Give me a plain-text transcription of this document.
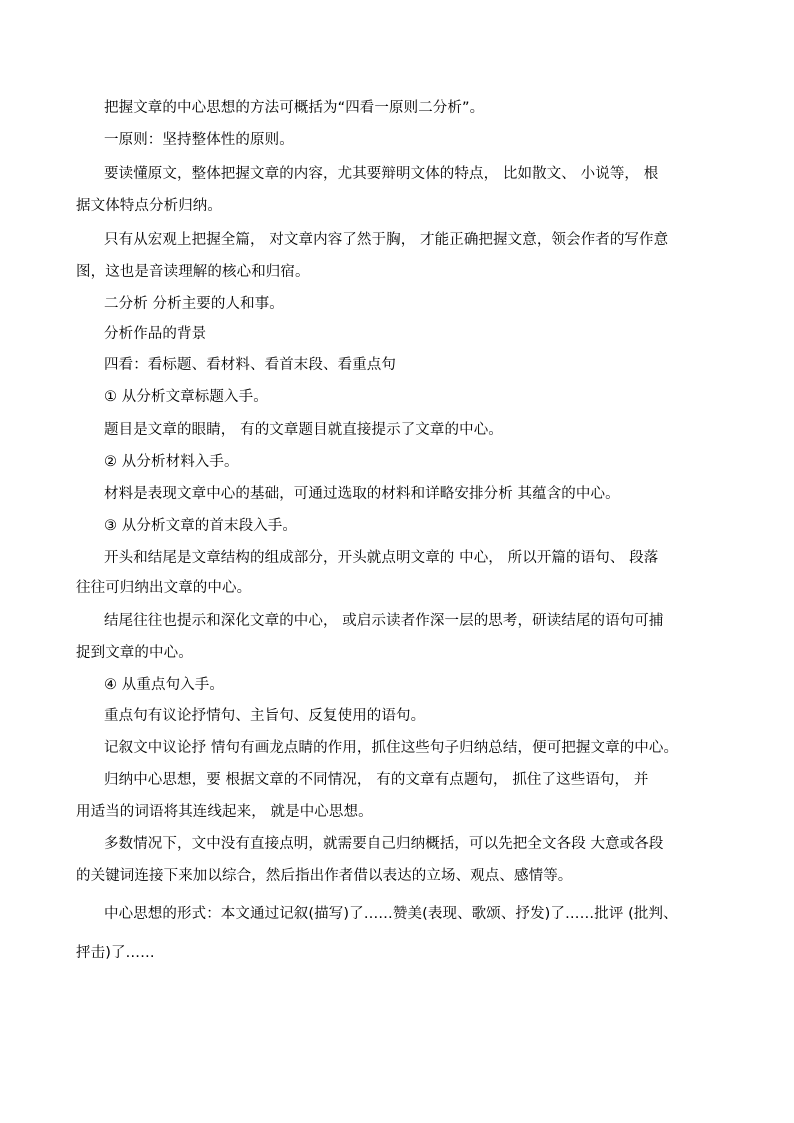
把握文章的中心思想的方法可概括为“四看一原则二分析”。
一原则：坚持整体性的原则。
要读懂原文，整体把握文章的内容，尤其要辩明文体的特点， 比如散文、 小说等， 根
据文体特点分析归纳。
只有从宏观上把握全篇， 对文章内容了然于胸， 才能正确把握文意，领会作者的写作意
图，这也是音读理解的核心和归宿。
二分析 分析主要的人和事。
分析作品的背景
四看：看标题、看材料、看首末段、看重点句
① 从分析文章标题入手。
题目是文章的眼睛， 有的文章题目就直接提示了文章的中心。
② 从分析材料入手。
材料是表现文章中心的基础，可通过选取的材料和详略安排分析 其蕴含的中心。
③ 从分析文章的首末段入手。
开头和结尾是文章结构的组成部分，开头就点明文章的 中心， 所以开篇的语句、 段落
往往可归纳出文章的中心。
结尾往往也提示和深化文章的中心， 或启示读者作深一层的思考，研读结尾的语句可捕
捉到文章的中心。
④ 从重点句入手。
重点句有议论抒情句、主旨句、反复使用的语句。
记叙文中议论抒 情句有画龙点睛的作用，抓住这些句子归纳总结，便可把握文章的中心。
归纳中心思想，要 根据文章的不同情况， 有的文章有点题句， 抓住了这些语句， 并
用适当的词语将其连线起来， 就是中心思想。
多数情况下，文中没有直接点明，就需要自己归纳概括，可以先把全文各段 大意或各段
的关键词连接下来加以综合，然后指出作者借以表达的立场、观点、感情等。
中心思想的形式：本文通过记叙(描写)了……赞美(表现、歌颂、抒发)了……批评 (批判、
抨击)了……
